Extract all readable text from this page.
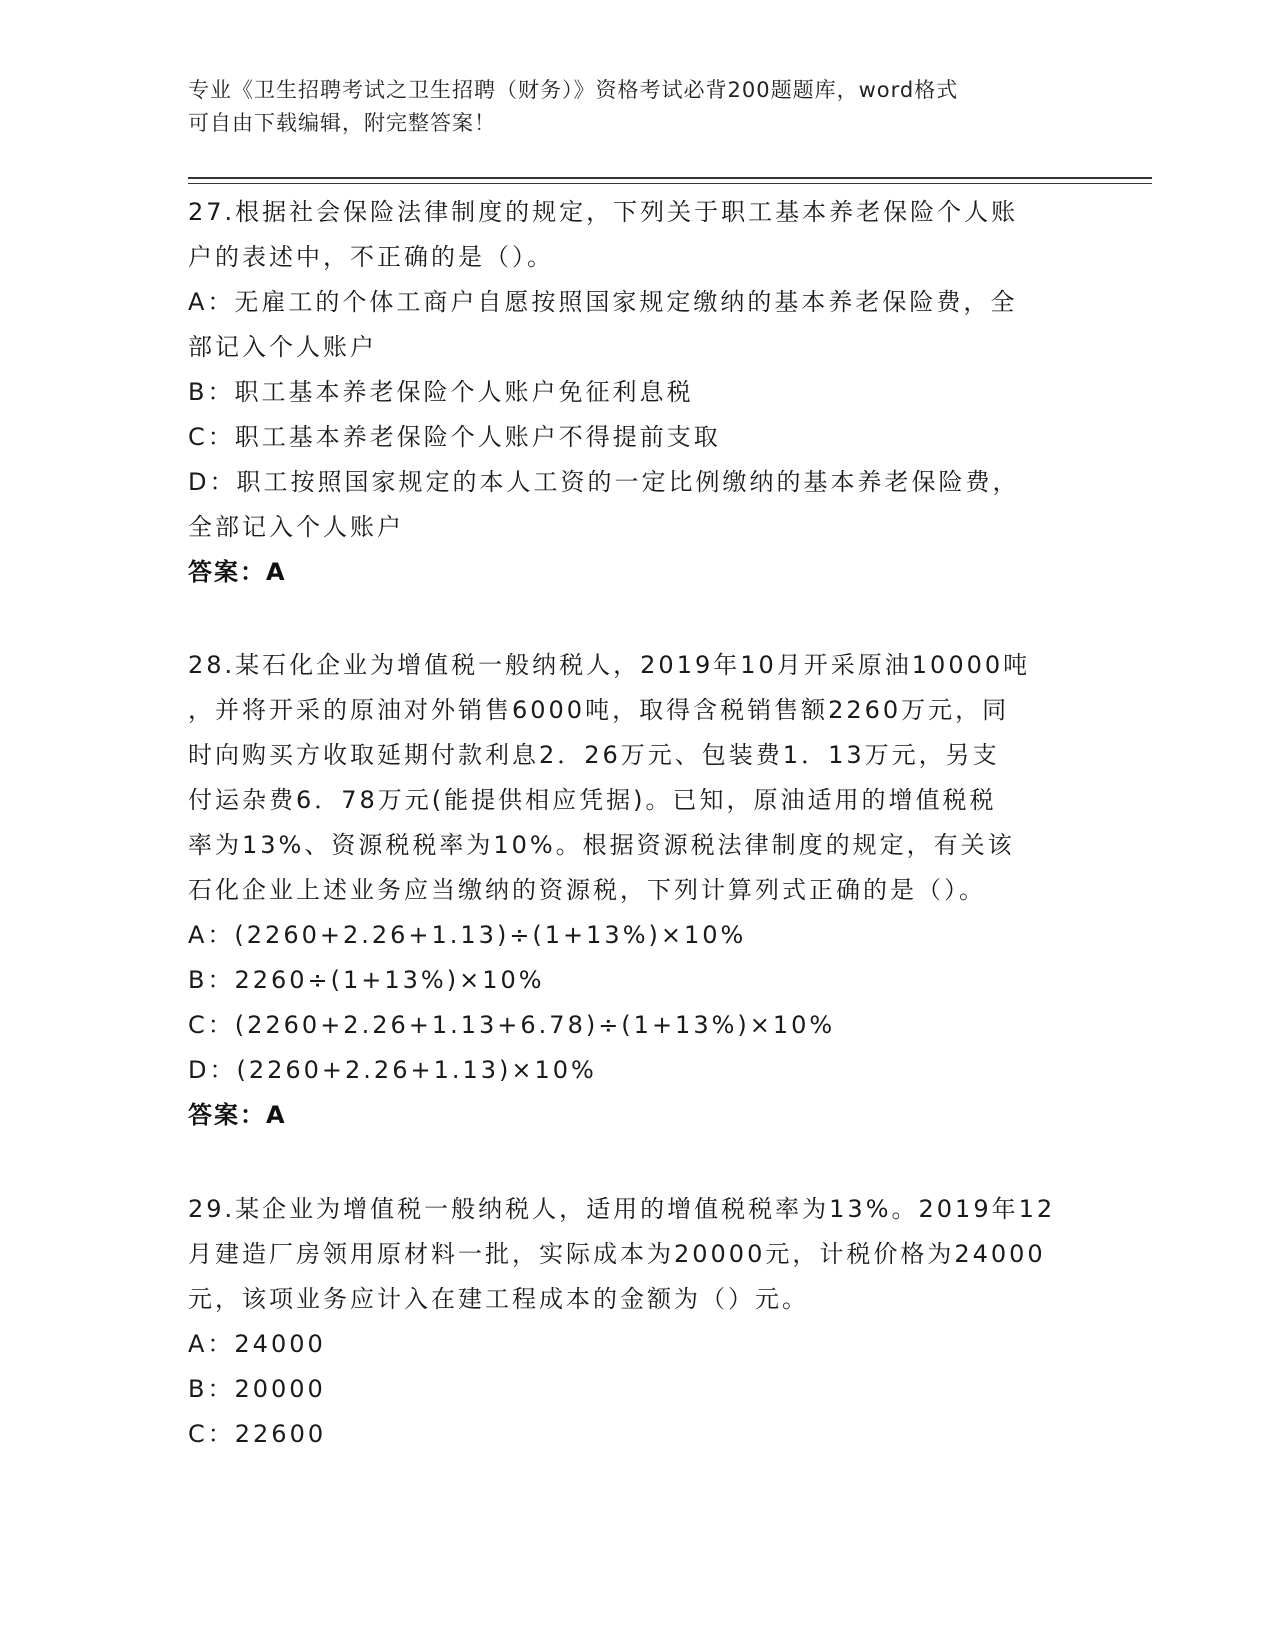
专业《卫生招聘考试之卫生招聘（财务）》资格考试必背200题题库，word格式
可自由下载编辑，附完整答案！
27.根据社会保险法律制度的规定，下列关于职工基本养老保险个人账
户的表述中，不正确的是（）。
A：无雇工的个体工商户自愿按照国家规定缴纳的基本养老保险费，全
部记入个人账户
B：职工基本养老保险个人账户免征利息税
C：职工基本养老保险个人账户不得提前支取
D：职工按照国家规定的本人工资的一定比例缴纳的基本养老保险费，
全部记入个人账户
答案：A
28.某石化企业为增值税一般纳税人，2019年10月开采原油10000吨
，并将开采的原油对外销售6000吨，取得含税销售额2260万元，同
时向购买方收取延期付款利息2．26万元、包装费1．13万元，另支
付运杂费6．78万元(能提供相应凭据)。已知，原油适用的增值税税
率为13%、资源税税率为10%。根据资源税法律制度的规定，有关该
石化企业上述业务应当缴纳的资源税，下列计算列式正确的是（）。
A：(2260+2.26+1.13)÷(1+13%)×10%
B：2260÷(1+13%)×10%
C：(2260+2.26+1.13+6.78)÷(1+13%)×10%
D：(2260+2.26+1.13)×10%
答案：A
29.某企业为增值税一般纳税人，适用的增值税税率为13%。2019年12
月建造厂房领用原材料一批，实际成本为20000元，计税价格为24000
元，该项业务应计入在建工程成本的金额为（）元。
A：24000
B：20000
C：22600
